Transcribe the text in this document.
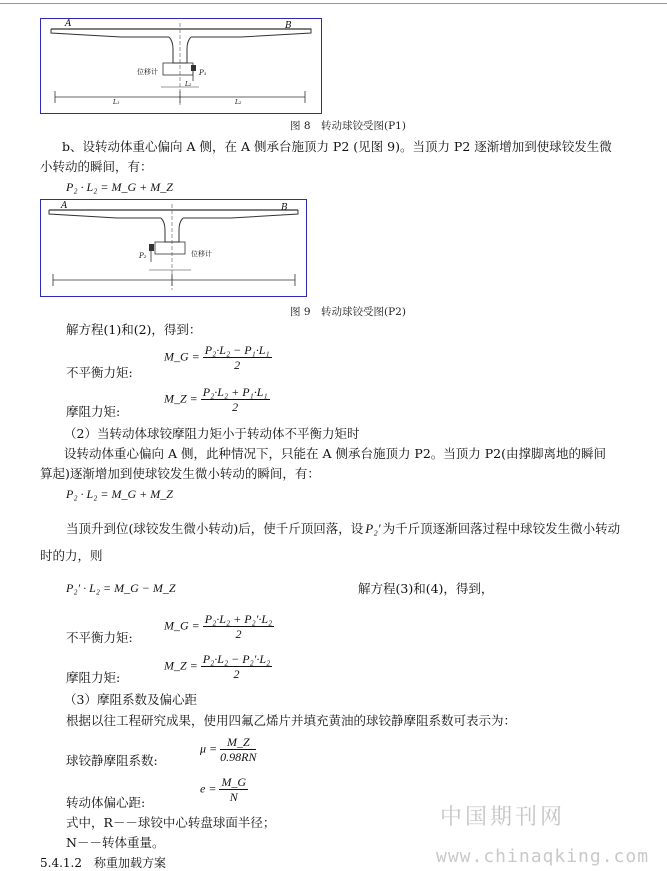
A	B
位移计	P₁
L₁	L₂
L₂
图 8　转动球铰受图(P1)
b、设转动体重心偏向 A 侧，在 A 侧承台施顶力 P2 (见图 9)。当顶力 P2 逐渐增加到使球铰发生微
小转动的瞬间，有：
P₂ · L₂ = M_G + M_Z
A	B
位移计
P₂
图 9　转动球铰受图(P2)
解方程(1)和(2)，得到：
M_G = $\frac{\text{P₂·L₂ − P₁·L₁}}{2}$
不平衡力矩:
M_Z = $\frac{\text{P₂·L₂ + P₁·L₁}}{2}$
摩阻力矩:
（2）当转动体球铰摩阻力矩小于转动体不平衡力矩时
设转动体重心偏向 A 侧，此种情况下，只能在 A 侧承台施顶力 P2。当顶力 P2(由撑脚离地的瞬间
算起)逐渐增加到使球铰发生微小转动的瞬间，有：
P₂ · L₂ = M_G + M_Z
当顶升到位(球铰发生微小转动)后，使千斤顶回落，设 P₂′ 为千斤顶逐渐回落过程中球铰发生微小转动
时的力，则
P₂′ · L₂ = M_G − M_Z	解方程(3)和(4)，得到，
M_G = $\frac{\text{P₂·L₂ + P₂′·L₂}}{2}$
不平衡力矩:
M_Z = $\frac{\text{P₂·L₂ − P₂′·L₂}}{2}$
摩阻力矩:
（3）摩阻系数及偏心距
根据以往工程研究成果，使用四氟乙烯片并填充黄油的球铰静摩阻系数可表示为：
$\mu = \frac{M\_Z}{0.98RN}$
球铰静摩阻系数:
$e = \frac{M\_G}{N}$
转动体偏心距:
式中，R－－球铰中心转盘球面半径；
N－－转体重量。
5.4.1.2　称重加载方案
中国期刊网
www.chinaqking.com
